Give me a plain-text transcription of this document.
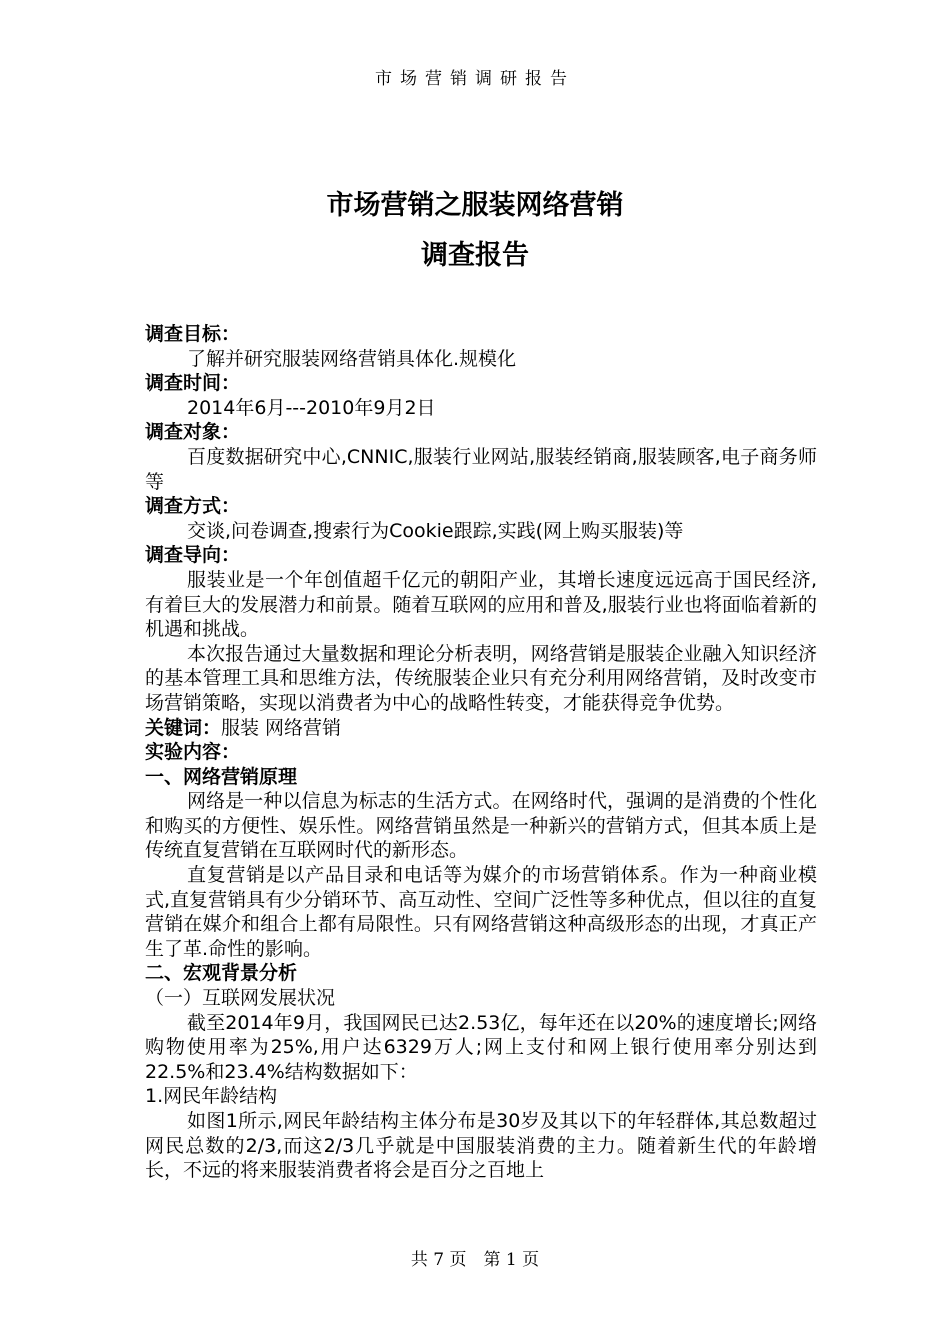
市场营销调研报告
市场营销之服装网络营销
调查报告

调查目标：

了解并研究服装网络营销具体化.规模化

调查时间：

2014年6月---2010年9月2日

调查对象：

百度数据研究中心,CNNIC,服装行业网站,服装经销商,服装顾客,电子商务师等

调查方式：

交谈,问卷调查,搜索行为Cookie跟踪,实践(网上购买服装)等

调查导向：

服装业是一个年创值超千亿元的朝阳产业，其增长速度远远高于国民经济,有着巨大的发展潜力和前景。随着互联网的应用和普及,服装行业也将面临着新的机遇和挑战。

本次报告通过大量数据和理论分析表明，网络营销是服装企业融入知识经济的基本管理工具和思维方法，传统服装企业只有充分利用网络营销，及时改变市场营销策略，实现以消费者为中心的战略性转变，才能获得竞争优势。

关键词：服装 网络营销

实验内容：

一、网络营销原理

网络是一种以信息为标志的生活方式。在网络时代，强调的是消费的个性化和购买的方便性、娱乐性。网络营销虽然是一种新兴的营销方式，但其本质上是传统直复营销在互联网时代的新形态。

直复营销是以产品目录和电话等为媒介的市场营销体系。作为一种商业模式,直复营销具有少分销环节、高互动性、空间广泛性等多种优点，但以往的直复营销在媒介和组合上都有局限性。只有网络营销这种高级形态的出现，才真正产生了革.命性的影响。

二、宏观背景分析

（一）互联网发展状况

截至2014年9月，我国网民已达2.53亿，每年还在以20%的速度增长;网络购物使用率为25%,用户达6329万人;网上支付和网上银行使用率分别达到22.5%和23.4%结构数据如下：

1.网民年龄结构

如图1所示,网民年龄结构主体分布是30岁及其以下的年轻群体,其总数超过网民总数的2/3,而这2/3几乎就是中国服装消费的主力。随着新生代的年龄增长，不远的将来服装消费者将会是百分之百地上

共 7 页　第 1 页
